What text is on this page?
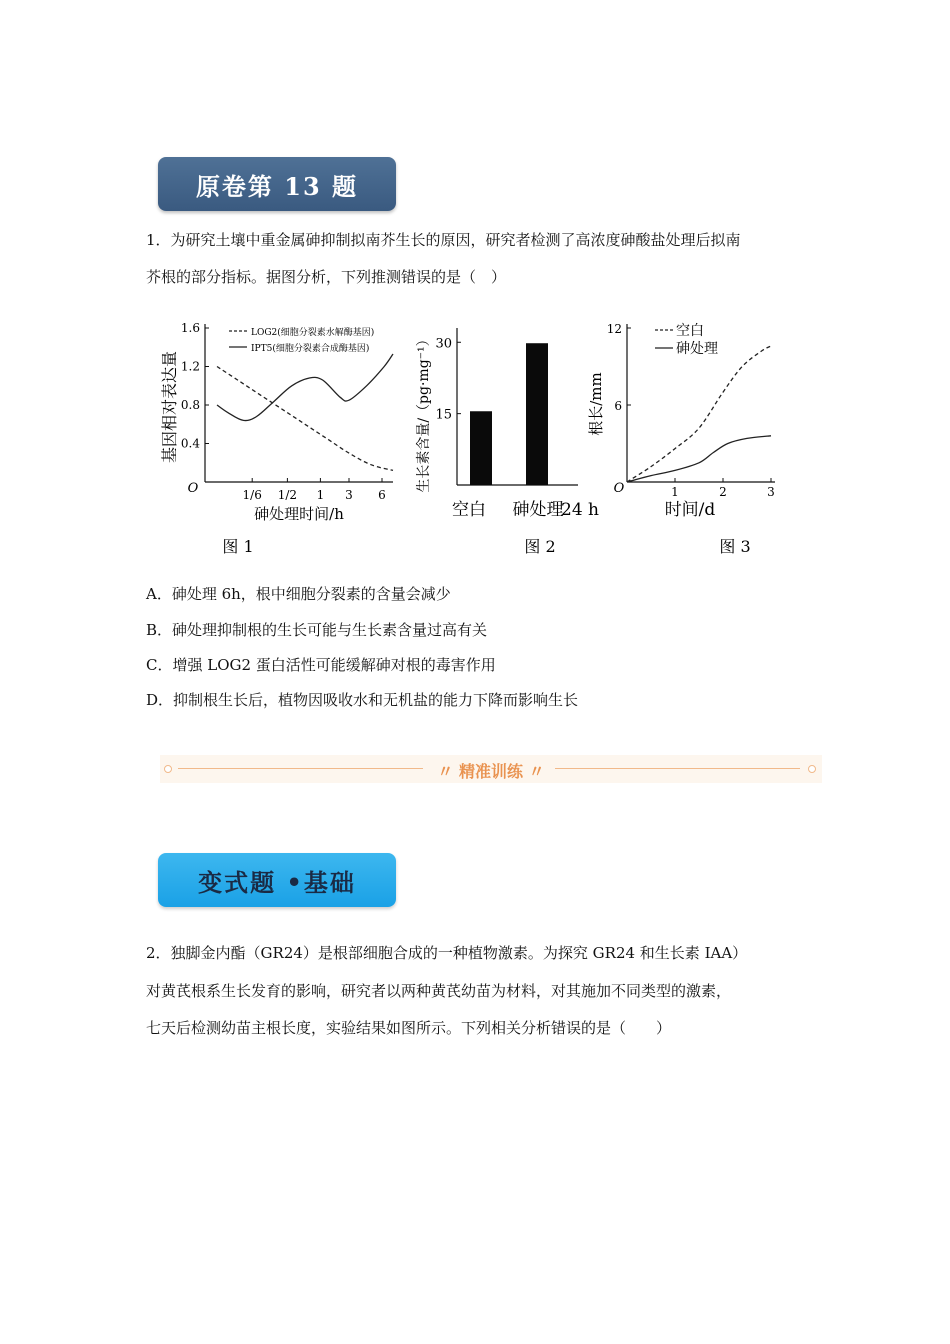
原卷第 13 题
1．为研究土壤中重金属砷抑制拟南芥生长的原因，研究者检测了高浓度砷酸盐处理后拟南
芥根的部分指标。据图分析，下列推测错误的是（　）
O
0.4
0.8
1.2
1.6
1/6 1/2 1 3 6
砷处理时间/h
基因相对表达量
LOG2(细胞分裂素水解酶基因)
IPT5(细胞分裂素合成酶基因)
图 1
15
30
空白 砷处理
24 h
生长素含量/（pg·mg⁻¹）
图 2
O
6
12
1	2	3
时间/d
根长/mm
空白
砷处理
图 3
A．砷处理 6h，根中细胞分裂素的含量会减少
B．砷处理抑制根的生长可能与生长素含量过高有关
C．增强 LOG2 蛋白活性可能缓解砷对根的毒害作用
D．抑制根生长后，植物因吸收水和无机盐的能力下降而影响生长
〃 精准训练 〃
变式题 •基础
2．独脚金内酯（GR24）是根部细胞合成的一种植物激素。为探究 GR24 和生长素 IAA）
对黄芪根系生长发育的影响，研究者以两种黄芪幼苗为材料，对其施加不同类型的激素，
七天后检测幼苗主根长度，实验结果如图所示。下列相关分析错误的是（　　）
